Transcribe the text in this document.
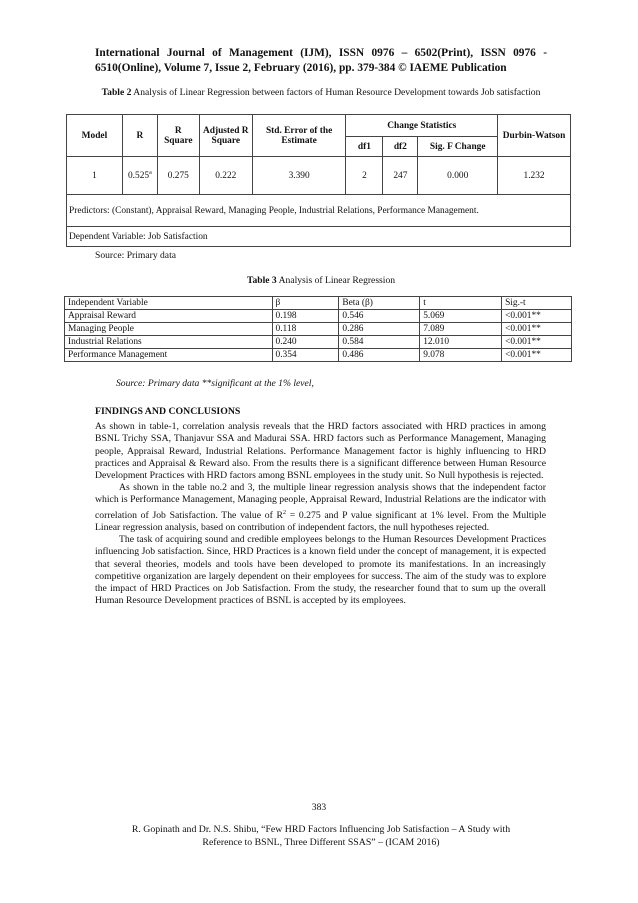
International Journal of Management (IJM), ISSN 0976 – 6502(Print), ISSN 0976 - 6510(Online), Volume 7, Issue 2, February (2016), pp. 379-384 © IAEME Publication
Table 2 Analysis of Linear Regression between factors of Human Resource Development towards Job satisfaction
Model	R	R Square	Adjusted R Square	Std. Error of the Estimate	Change Statistics			Durbin-Watson
					df1	df2	Sig. F Change	
1	0.525$^a$	0.275	0.222	3.390	2	247	0.000	1.232
Predictors: (Constant), Appraisal Reward, Managing People, Industrial Relations, Performance Management.								
Dependent Variable: Job Satisfaction								
Source: Primary data
Table 3 Analysis of Linear Regression
Independent Variable	β	Beta (β)	t	Sig.-t
Appraisal Reward	0.198	0.546	5.069	<0.001**
Managing People	0.118	0.286	7.089	<0.001**
Industrial Relations	0.240	0.584	12.010	<0.001**
Performance Management	0.354	0.486	9.078	<0.001**
Source: Primary data **significant at the 1% level,
FINDINGS AND CONCLUSIONS

As shown in table-1, correlation analysis reveals that the HRD factors associated with HRD practices in among BSNL Trichy SSA, Thanjavur SSA and Madurai SSA. HRD factors such as Performance Management, Managing people, Appraisal Reward, Industrial Relations. Performance Management factor is highly influencing to HRD practices and Appraisal & Reward also. From the results there is a significant difference between Human Resource Development Practices with HRD factors among BSNL employees in the study unit. So Null hypothesis is rejected.

As shown in the table no.2 and 3, the multiple linear regression analysis shows that the independent factor which is Performance Management, Managing people, Appraisal Reward, Industrial Relations are the indicator with correlation of Job Satisfaction. The value of $R^2 = 0.275$ and P value significant at 1% level. From the Multiple Linear regression analysis, based on contribution of independent factors, the null hypotheses rejected.

The task of acquiring sound and credible employees belongs to the Human Resources Development Practices influencing Job satisfaction. Since, HRD Practices is a known field under the concept of management, it is expected that several theories, models and tools have been developed to promote its manifestations. In an increasingly competitive organization are largely dependent on their employees for success. The aim of the study was to explore the impact of HRD Practices on Job Satisfaction. From the study, the researcher found that to sum up the overall Human Resource Development practices of BSNL is accepted by its employees.

383
R. Gopinath and Dr. N.S. Shibu, “Few HRD Factors Influencing Job Satisfaction – A Study with
Reference to BSNL, Three Different SSAS” – (ICAM 2016)
